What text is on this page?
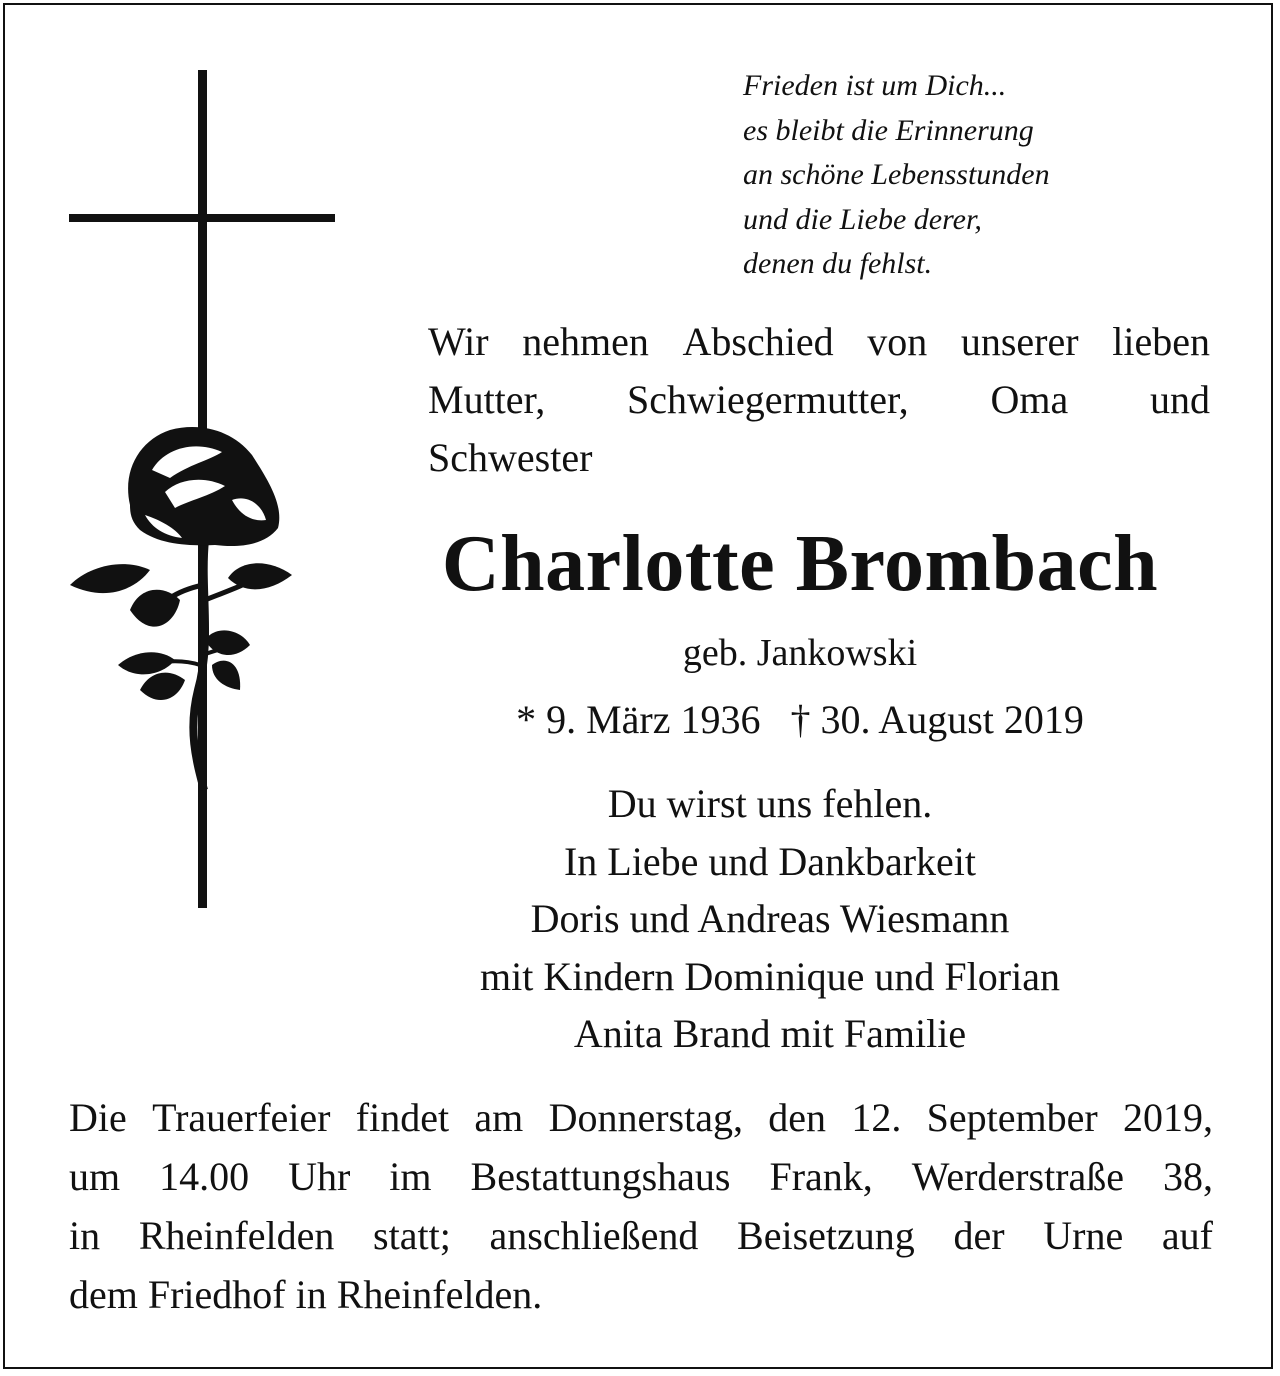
Frieden ist um Dich...
es bleibt die Erinnerung
an schöne Lebensstunden
und die Liebe derer,
denen du fehlst.
Wir nehmen Abschied von unserer lieben
Mutter, Schwiegermutter, Oma und
Schwester
Charlotte Brombach
geb. Jankowski
* 9. März 1936 † 30. August 2019
Du wirst uns fehlen.
In Liebe und Dankbarkeit
Doris und Andreas Wiesmann
mit Kindern Dominique und Florian
Anita Brand mit Familie
Die Trauerfeier findet am Donnerstag, den 12. September 2019,
um 14.00 Uhr im Bestattungshaus Frank, Werderstraße 38,
in Rheinfelden statt; anschließend Beisetzung der Urne auf
dem Friedhof in Rheinfelden.
